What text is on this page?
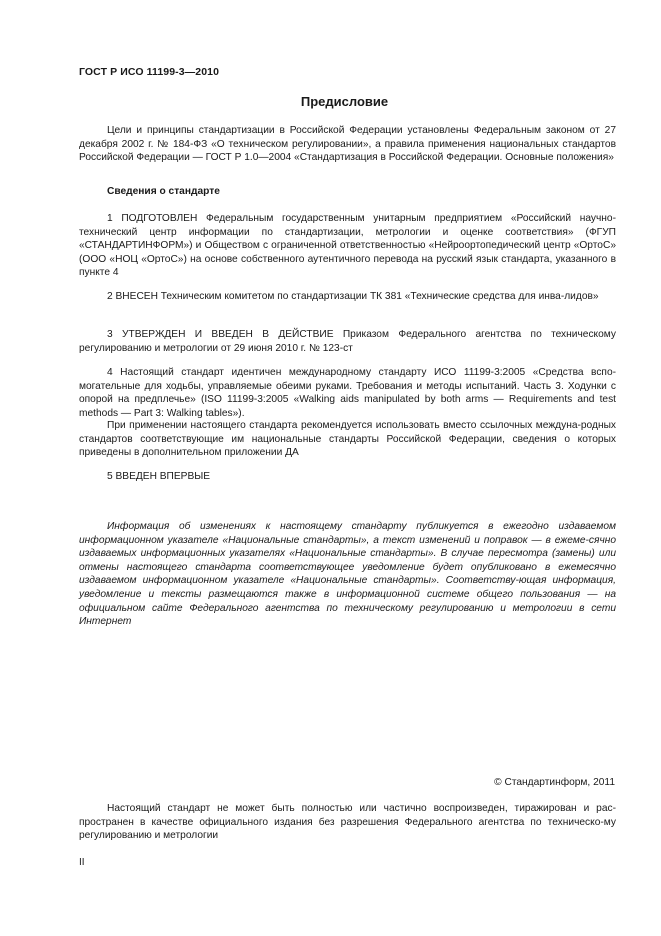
ГОСТ Р ИСО 11199-3—2010
Предисловие

Цели и принципы стандартизации в Российской Федерации установлены Федеральным законом от 27 декабря 2002 г. № 184-ФЗ «О техническом регулировании», а правила применения национальных стандартов Российской Федерации — ГОСТ Р 1.0—2004 «Стандартизация в Российской Федерации. Основные положения»

Сведения о стандарте

1 ПОДГОТОВЛЕН Федеральным государственным унитарным предприятием «Российский научно-технический центр информации по стандартизации, метрологии и оценке соответствия» (ФГУП «СТАНДАРТИНФОРМ») и Обществом с ограниченной ответственностью «Нейроортопедический центр «ОртоС» (ООО «НОЦ «ОртоС») на основе собственного аутентичного перевода на русский язык стандарта, указанного в пункте 4

2 ВНЕСЕН Техническим комитетом по стандартизации ТК 381 «Технические средства для инва-лидов»

3 УТВЕРЖДЕН И ВВЕДЕН В ДЕЙСТВИЕ Приказом Федерального агентства по техническому регулированию и метрологии от 29 июня 2010 г. № 123-ст

4 Настоящий стандарт идентичен международному стандарту ИСО 11199-3:2005 «Средства вспо-могательные для ходьбы, управляемые обеими руками. Требования и методы испытаний. Часть 3. Ходунки с опорой на предплечье» (ISO 11199-3:2005 «Walking aids manipulated by both arms — Requirements and test methods — Part 3: Walking tables»).

При применении настоящего стандарта рекомендуется использовать вместо ссылочных междуна-родных стандартов соответствующие им национальные стандарты Российской Федерации, сведения о которых приведены в дополнительном приложении ДА

5 ВВЕДЕН ВПЕРВЫЕ

Информация об изменениях к настоящему стандарту публикуется в ежегодно издаваемом информационном указателе «Национальные стандарты», а текст изменений и поправок — в ежеме-сячно издаваемых информационных указателях «Национальные стандарты». В случае пересмотра (замены) или отмены настоящего стандарта соответствующее уведомление будет опубликовано в ежемесячно издаваемом информационном указателе «Национальные стандарты». Соответству-ющая информация, уведомление и тексты размещаются также в информационной системе общего пользования — на официальном сайте Федерального агентства по техническому регулированию и метрологии в сети Интернет

© Стандартинформ, 2011

Настоящий стандарт не может быть полностью или частично воспроизведен, тиражирован и рас-пространен в качестве официального издания без разрешения Федерального агентства по техническо-му регулированию и метрологии

II
